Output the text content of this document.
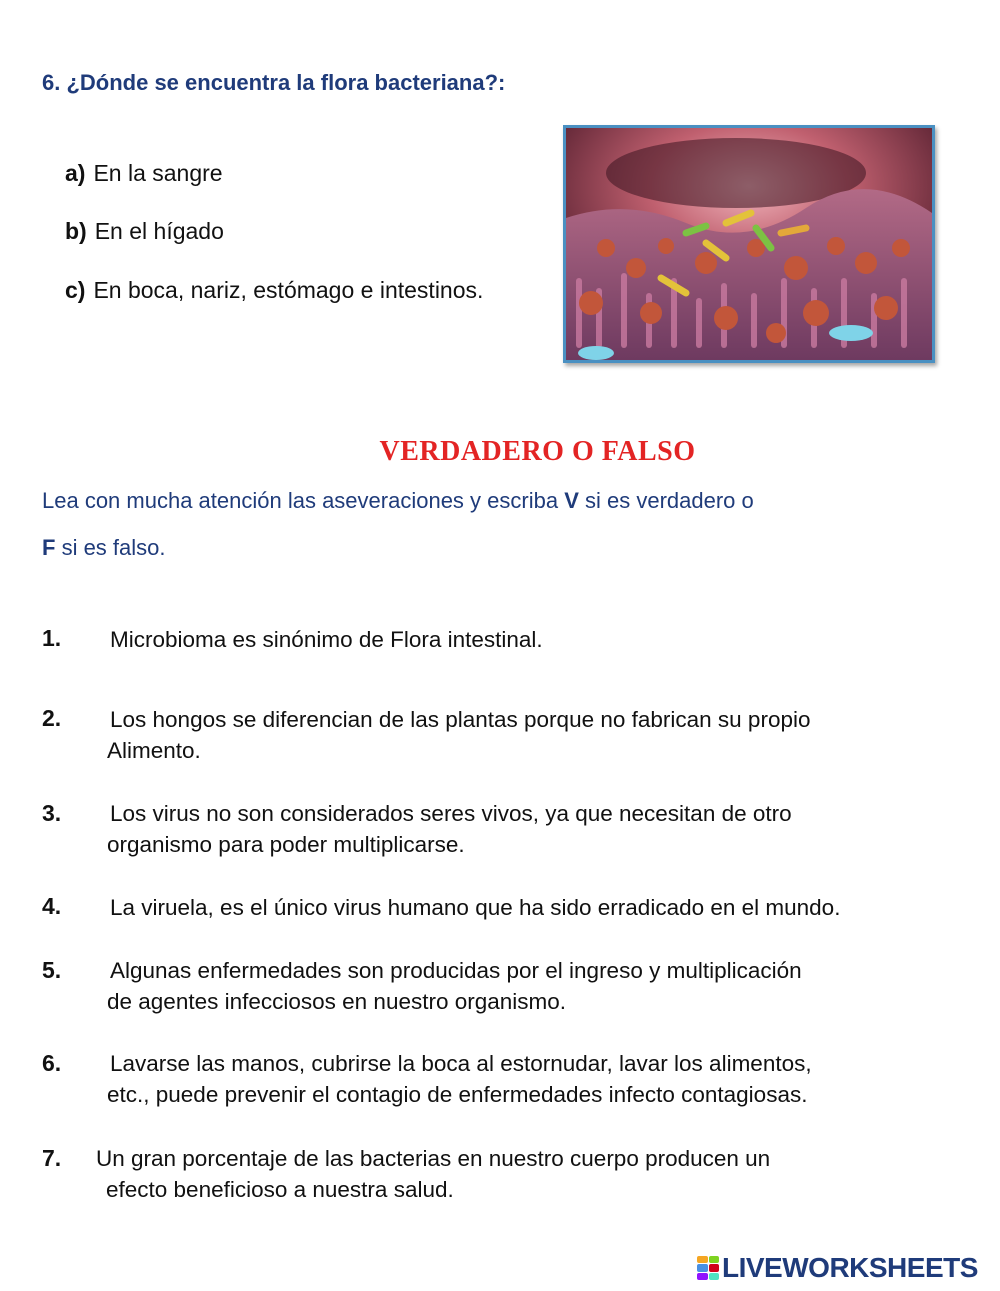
6. ¿Dónde se encuentra la flora bacteriana?:
a) En la sangre
b) En el hígado
c) En boca, nariz, estómago e intestinos.
VERDADERO O FALSO
Lea con mucha atención las aseveraciones y escriba V si es verdadero o
F si es falso.
1. Microbioma es sinónimo de Flora intestinal.
2. Los hongos se diferencian de las plantas porque no fabrican su propio
Alimento.
3. Los virus no son considerados seres vivos, ya que necesitan de otro
organismo para poder multiplicarse.
4. La viruela, es el único virus humano que ha sido erradicado en el mundo.
5. Algunas enfermedades son producidas por el ingreso y multiplicación
de agentes infecciosos en nuestro organismo.
6. Lavarse las manos, cubrirse la boca al estornudar, lavar los alimentos,
etc., puede prevenir el contagio de enfermedades infecto contagiosas.
7. Un gran porcentaje de las bacterias en nuestro cuerpo producen un
efecto beneficioso a nuestra salud.
LIVEWORKSHEETS
